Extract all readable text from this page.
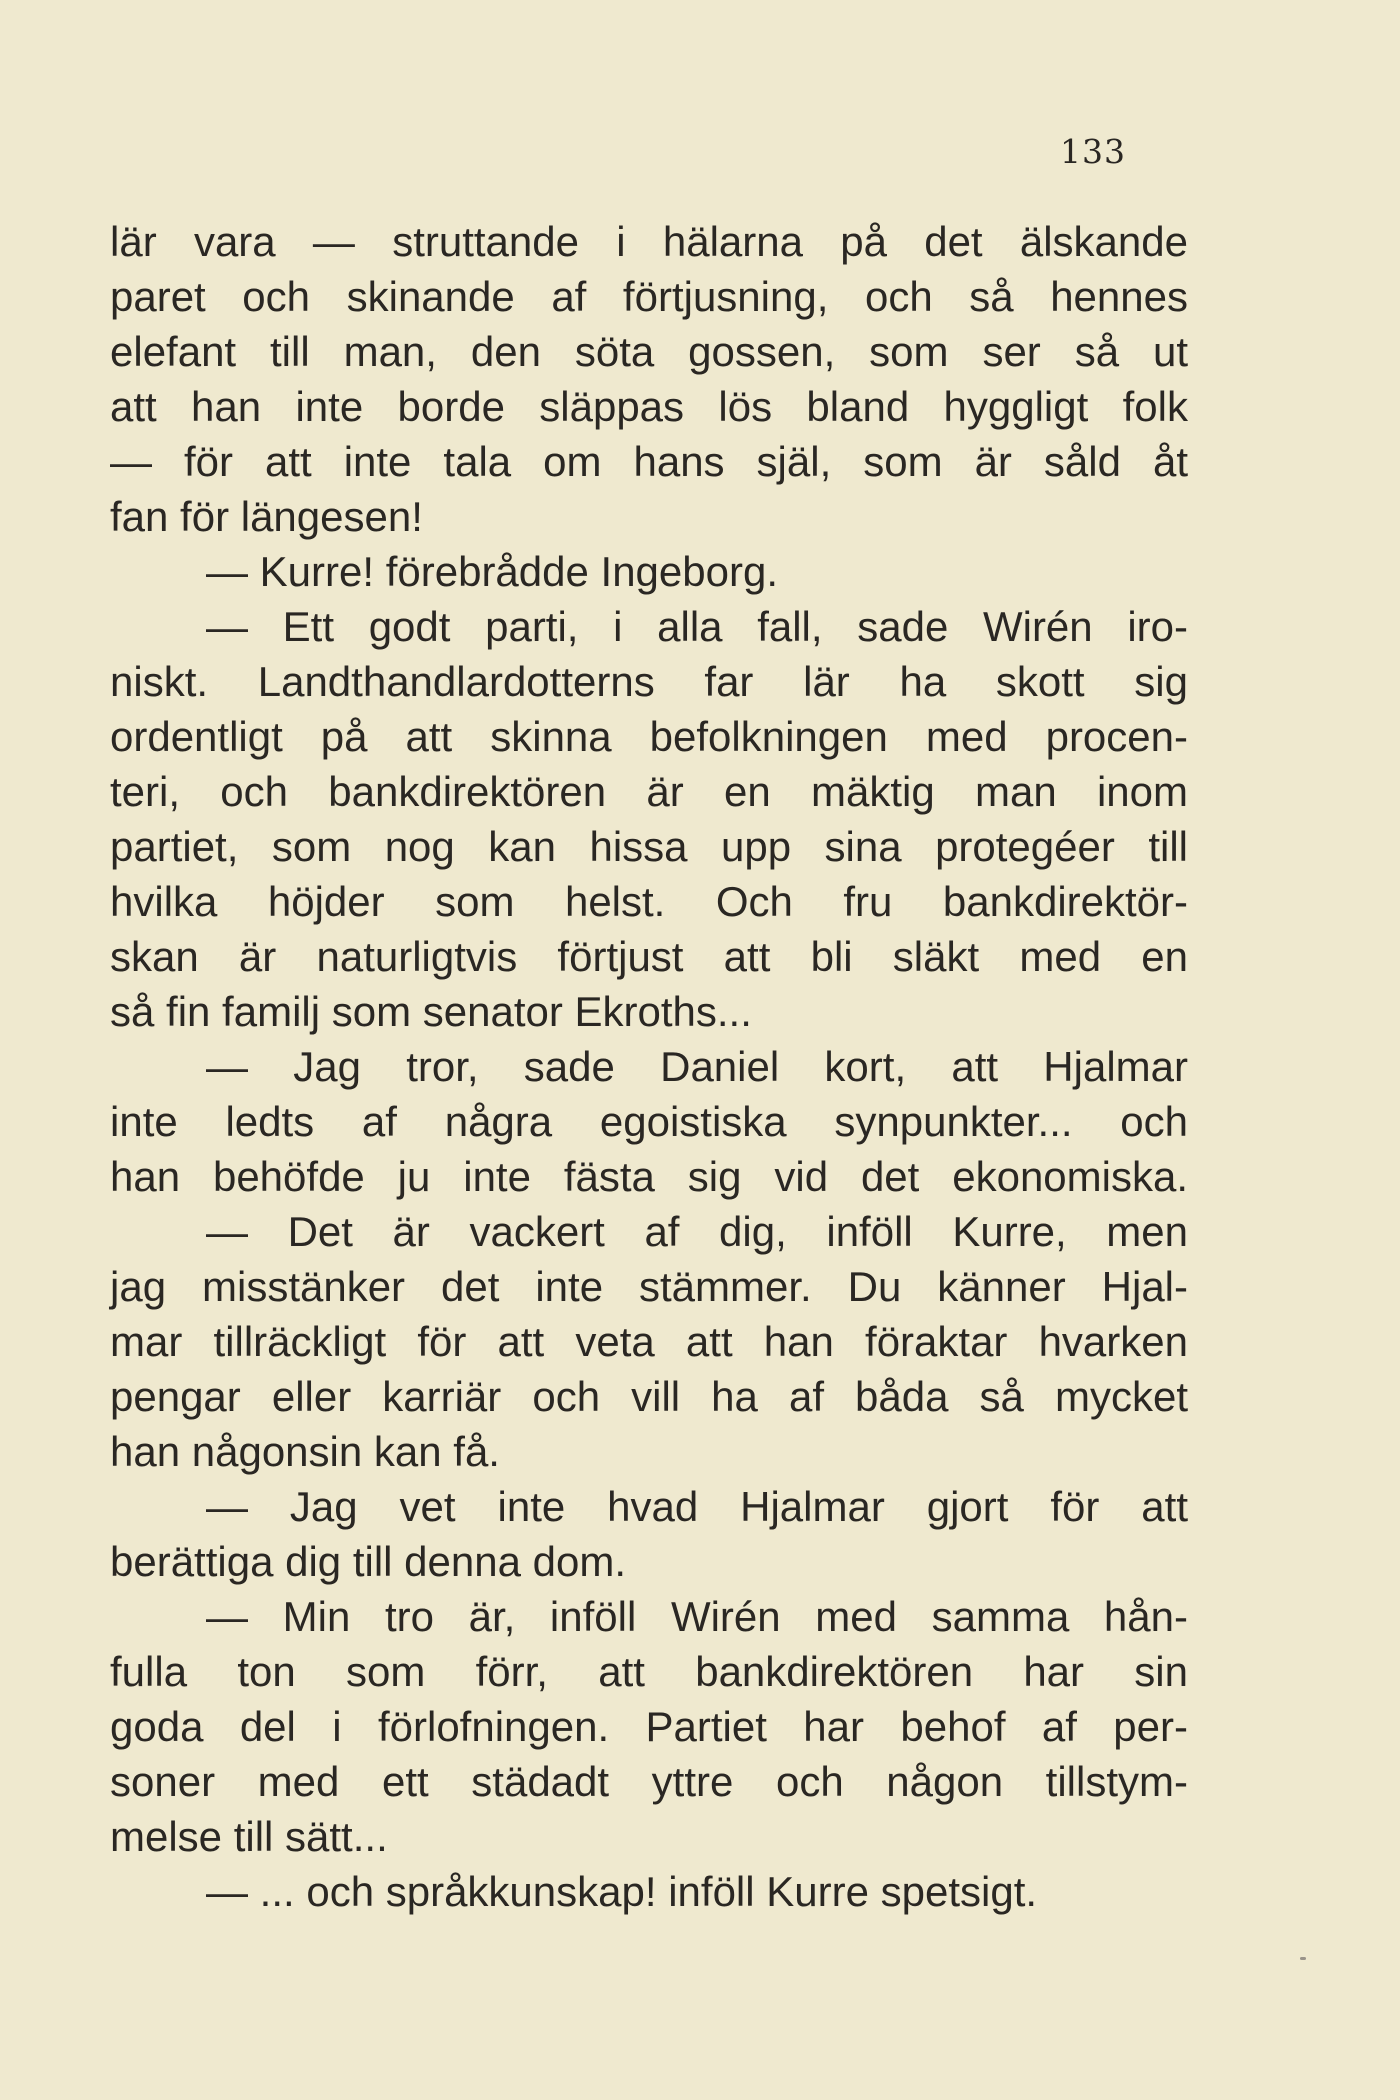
133
lär vara — struttande i hälarna på det älskande
paret och skinande af förtjusning, och så hennes
elefant till man, den söta gossen, som ser så ut
att han inte borde släppas lös bland hyggligt folk
— för att inte tala om hans själ, som är såld åt
fan för längesen!
— Kurre! förebrådde Ingeborg.
— Ett godt parti, i alla fall, sade Wirén iro-
niskt. Landthandlardotterns far lär ha skott sig
ordentligt på att skinna befolkningen med procen-
teri, och bankdirektören är en mäktig man inom
partiet, som nog kan hissa upp sina protegéer till
hvilka höjder som helst. Och fru bankdirektör-
skan är naturligtvis förtjust att bli släkt med en
så fin familj som senator Ekroths...
— Jag tror, sade Daniel kort, att Hjalmar
inte ledts af några egoistiska synpunkter... och
han behöfde ju inte fästa sig vid det ekonomiska.
— Det är vackert af dig, inföll Kurre, men
jag misstänker det inte stämmer. Du känner Hjal-
mar tillräckligt för att veta att han föraktar hvarken
pengar eller karriär och vill ha af båda så mycket
han någonsin kan få.
— Jag vet inte hvad Hjalmar gjort för att
berättiga dig till denna dom.
— Min tro är, inföll Wirén med samma hån-
fulla ton som förr, att bankdirektören har sin
goda del i förlofningen. Partiet har behof af per-
soner med ett städadt yttre och någon tillstym-
melse till sätt...
— ... och språkkunskap! inföll Kurre spetsigt.
